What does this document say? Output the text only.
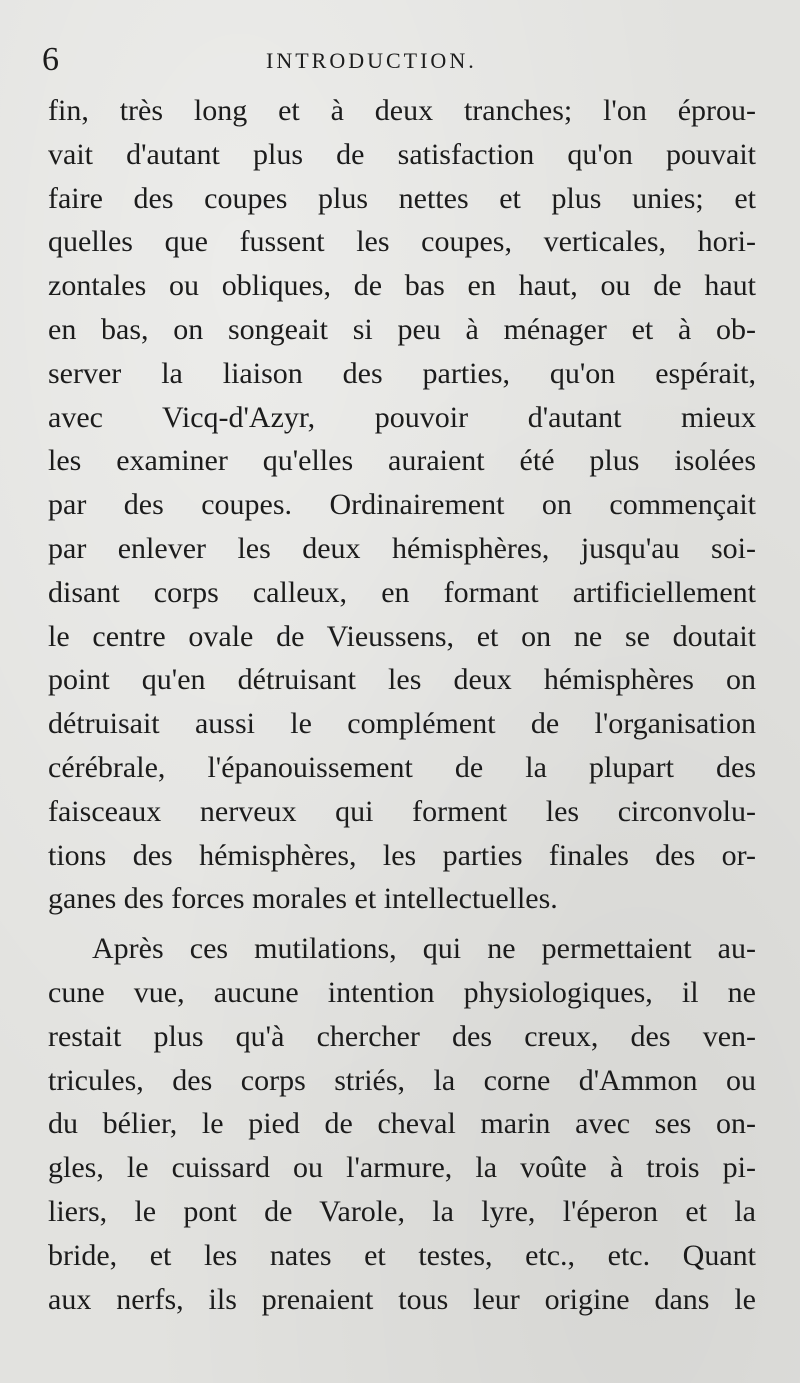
6	INTRODUCTION.
fin, très long et à deux tranches; l'on éprou-
vait d'autant plus de satisfaction qu'on pouvait
faire des coupes plus nettes et plus unies; et
quelles que fussent les coupes, verticales, hori-
zontales ou obliques, de bas en haut, ou de haut
en bas, on songeait si peu à ménager et à ob-
server la liaison des parties, qu'on espérait,
avec Vicq-d'Azyr, pouvoir d'autant mieux
les examiner qu'elles auraient été plus isolées
par des coupes. Ordinairement on commençait
par enlever les deux hémisphères, jusqu'au soi-
disant corps calleux, en formant artificiellement
le centre ovale de Vieussens, et on ne se doutait
point qu'en détruisant les deux hémisphères on
détruisait aussi le complément de l'organisation
cérébrale, l'épanouissement de la plupart des
faisceaux nerveux qui forment les circonvolu-
tions des hémisphères, les parties finales des or-
ganes des forces morales et intellectuelles.
Après ces mutilations, qui ne permettaient au-
cune vue, aucune intention physiologiques, il ne
restait plus qu'à chercher des creux, des ven-
tricules, des corps striés, la corne d'Ammon ou
du bélier, le pied de cheval marin avec ses on-
gles, le cuissard ou l'armure, la voûte à trois pi-
liers, le pont de Varole, la lyre, l'éperon et la
bride, et les nates et testes, etc., etc. Quant
aux nerfs, ils prenaient tous leur origine dans le
